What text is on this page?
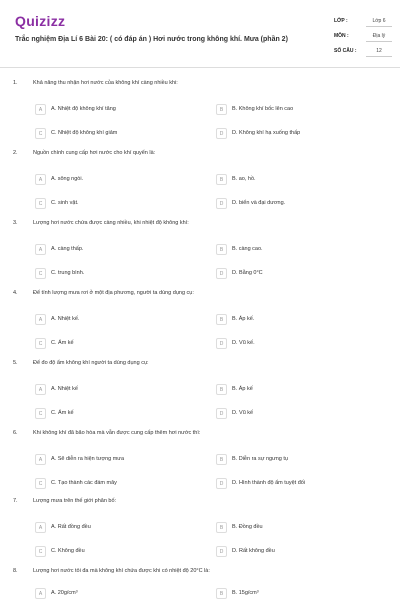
Quizizz
Trắc nghiệm Địa Lí 6 Bài 20: ( có đáp án ) Hơi nước trong không khí. Mưa (phần 2)
LỚP :	Lớp 6
MÔN :	Địa lý
SỐ CÂU :	12
1.	Khả năng thu nhận hơi nước của không khí càng nhiều khi:
A	A. Nhiệt độ không khí tăng	B	B. Không khí bốc lên cao
C	C. Nhiệt độ không khí giảm	D	D. Không khí hạ xuống thấp
2.	Nguồn chính cung cấp hơi nước cho khí quyển là:
A	A. sông ngòi.	B	B. ao, hồ.
C	C. sinh vật.	D	D. biển và đại dương.
3.	Lượng hơi nước chứa được càng nhiều, khi nhiệt độ không khí:
A	A. càng thấp.	B	B. càng cao.
C	C. trung bình.	D	D. Bằng 0°C
4.	Để tính lượng mưa rơi ở một địa phương, người ta dùng dụng cụ:
A	A. Nhiệt kế.	B	B. Áp kế.
C	C. Ẩm kế	D	D. Vũ kế.
5.	Để đo độ ẩm không khí người ta dùng dụng cụ:
A	A. Nhiệt kế	B	B. Áp kế
C	C. Ẩm kế	D	D. Vũ kế
6.	Khi không khí đã bão hòa mà vẫn được cung cấp thêm hơi nước thì:
A	A. Sẽ diễn ra hiện tượng mưa	B	B. Diễn ra sự ngưng tụ
C	C. Tạo thành các đám mây	D	D. Hình thành độ ẩm tuyệt đối
7.	Lượng mưa trên thế giới phân bố:
A	A. Rất đồng đều	B	B. Đồng đều
C	C. Không đều	D	D. Rất không đều
8.	Lượng hơi nước tối đa mà không khí chứa được khi có nhiệt độ 20°C là:
A	A. 20g/cm³	B	B. 15g/cm³
